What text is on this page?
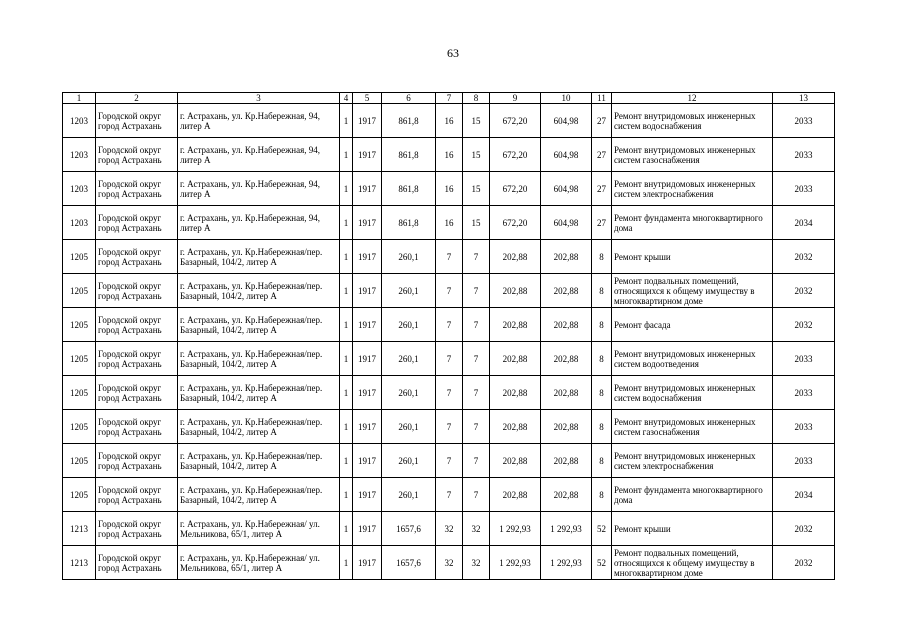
63
1	2	3	4	5	6	7	8	9	10	11	12	13
1203	Городской округ город Астрахань	г. Астрахань, ул. Кр.Набережная, 94, литер А	1	1917	861,8	16	15	672,20	604,98	27	Ремонт внутридомовых инженерных систем водоснабжения	2033
1203	Городской округ город Астрахань	г. Астрахань, ул. Кр.Набережная, 94, литер А	1	1917	861,8	16	15	672,20	604,98	27	Ремонт внутридомовых инженерных систем газоснабжения	2033
1203	Городской округ город Астрахань	г. Астрахань, ул. Кр.Набережная, 94, литер А	1	1917	861,8	16	15	672,20	604,98	27	Ремонт внутридомовых инженерных систем электроснабжения	2033
1203	Городской округ город Астрахань	г. Астрахань, ул. Кр.Набережная, 94, литер А	1	1917	861,8	16	15	672,20	604,98	27	Ремонт фундамента многоквартирного дома	2034
1205	Городской округ город Астрахань	г. Астрахань, ул. Кр.Набережная/пер. Базарный, 104/2, литер А	1	1917	260,1	7	7	202,88	202,88	8	Ремонт крыши	2032
1205	Городской округ город Астрахань	г. Астрахань, ул. Кр.Набережная/пер. Базарный, 104/2, литер А	1	1917	260,1	7	7	202,88	202,88	8	Ремонт подвальных помещений, относящихся к общему имуществу в многоквартирном доме	2032
1205	Городской округ город Астрахань	г. Астрахань, ул. Кр.Набережная/пер. Базарный, 104/2, литер А	1	1917	260,1	7	7	202,88	202,88	8	Ремонт фасада	2032
1205	Городской округ город Астрахань	г. Астрахань, ул. Кр.Набережная/пер. Базарный, 104/2, литер А	1	1917	260,1	7	7	202,88	202,88	8	Ремонт внутридомовых инженерных систем водоотведения	2033
1205	Городской округ город Астрахань	г. Астрахань, ул. Кр.Набережная/пер. Базарный, 104/2, литер А	1	1917	260,1	7	7	202,88	202,88	8	Ремонт внутридомовых инженерных систем водоснабжения	2033
1205	Городской округ город Астрахань	г. Астрахань, ул. Кр.Набережная/пер. Базарный, 104/2, литер А	1	1917	260,1	7	7	202,88	202,88	8	Ремонт внутридомовых инженерных систем газоснабжения	2033
1205	Городской округ город Астрахань	г. Астрахань, ул. Кр.Набережная/пер. Базарный, 104/2, литер А	1	1917	260,1	7	7	202,88	202,88	8	Ремонт внутридомовых инженерных систем электроснабжения	2033
1205	Городской округ город Астрахань	г. Астрахань, ул. Кр.Набережная/пер. Базарный, 104/2, литер А	1	1917	260,1	7	7	202,88	202,88	8	Ремонт фундамента многоквартирного дома	2034
1213	Городской округ город Астрахань	г. Астрахань, ул. Кр.Набережная/ ул. Мельникова, 65/1, литер А	1	1917	1657,6	32	32	1 292,93	1 292,93	52	Ремонт крыши	2032
1213	Городской округ город Астрахань	г. Астрахань, ул. Кр.Набережная/ ул. Мельникова, 65/1, литер А	1	1917	1657,6	32	32	1 292,93	1 292,93	52	Ремонт подвальных помещений, относящихся к общему имуществу в многоквартирном доме	2032
